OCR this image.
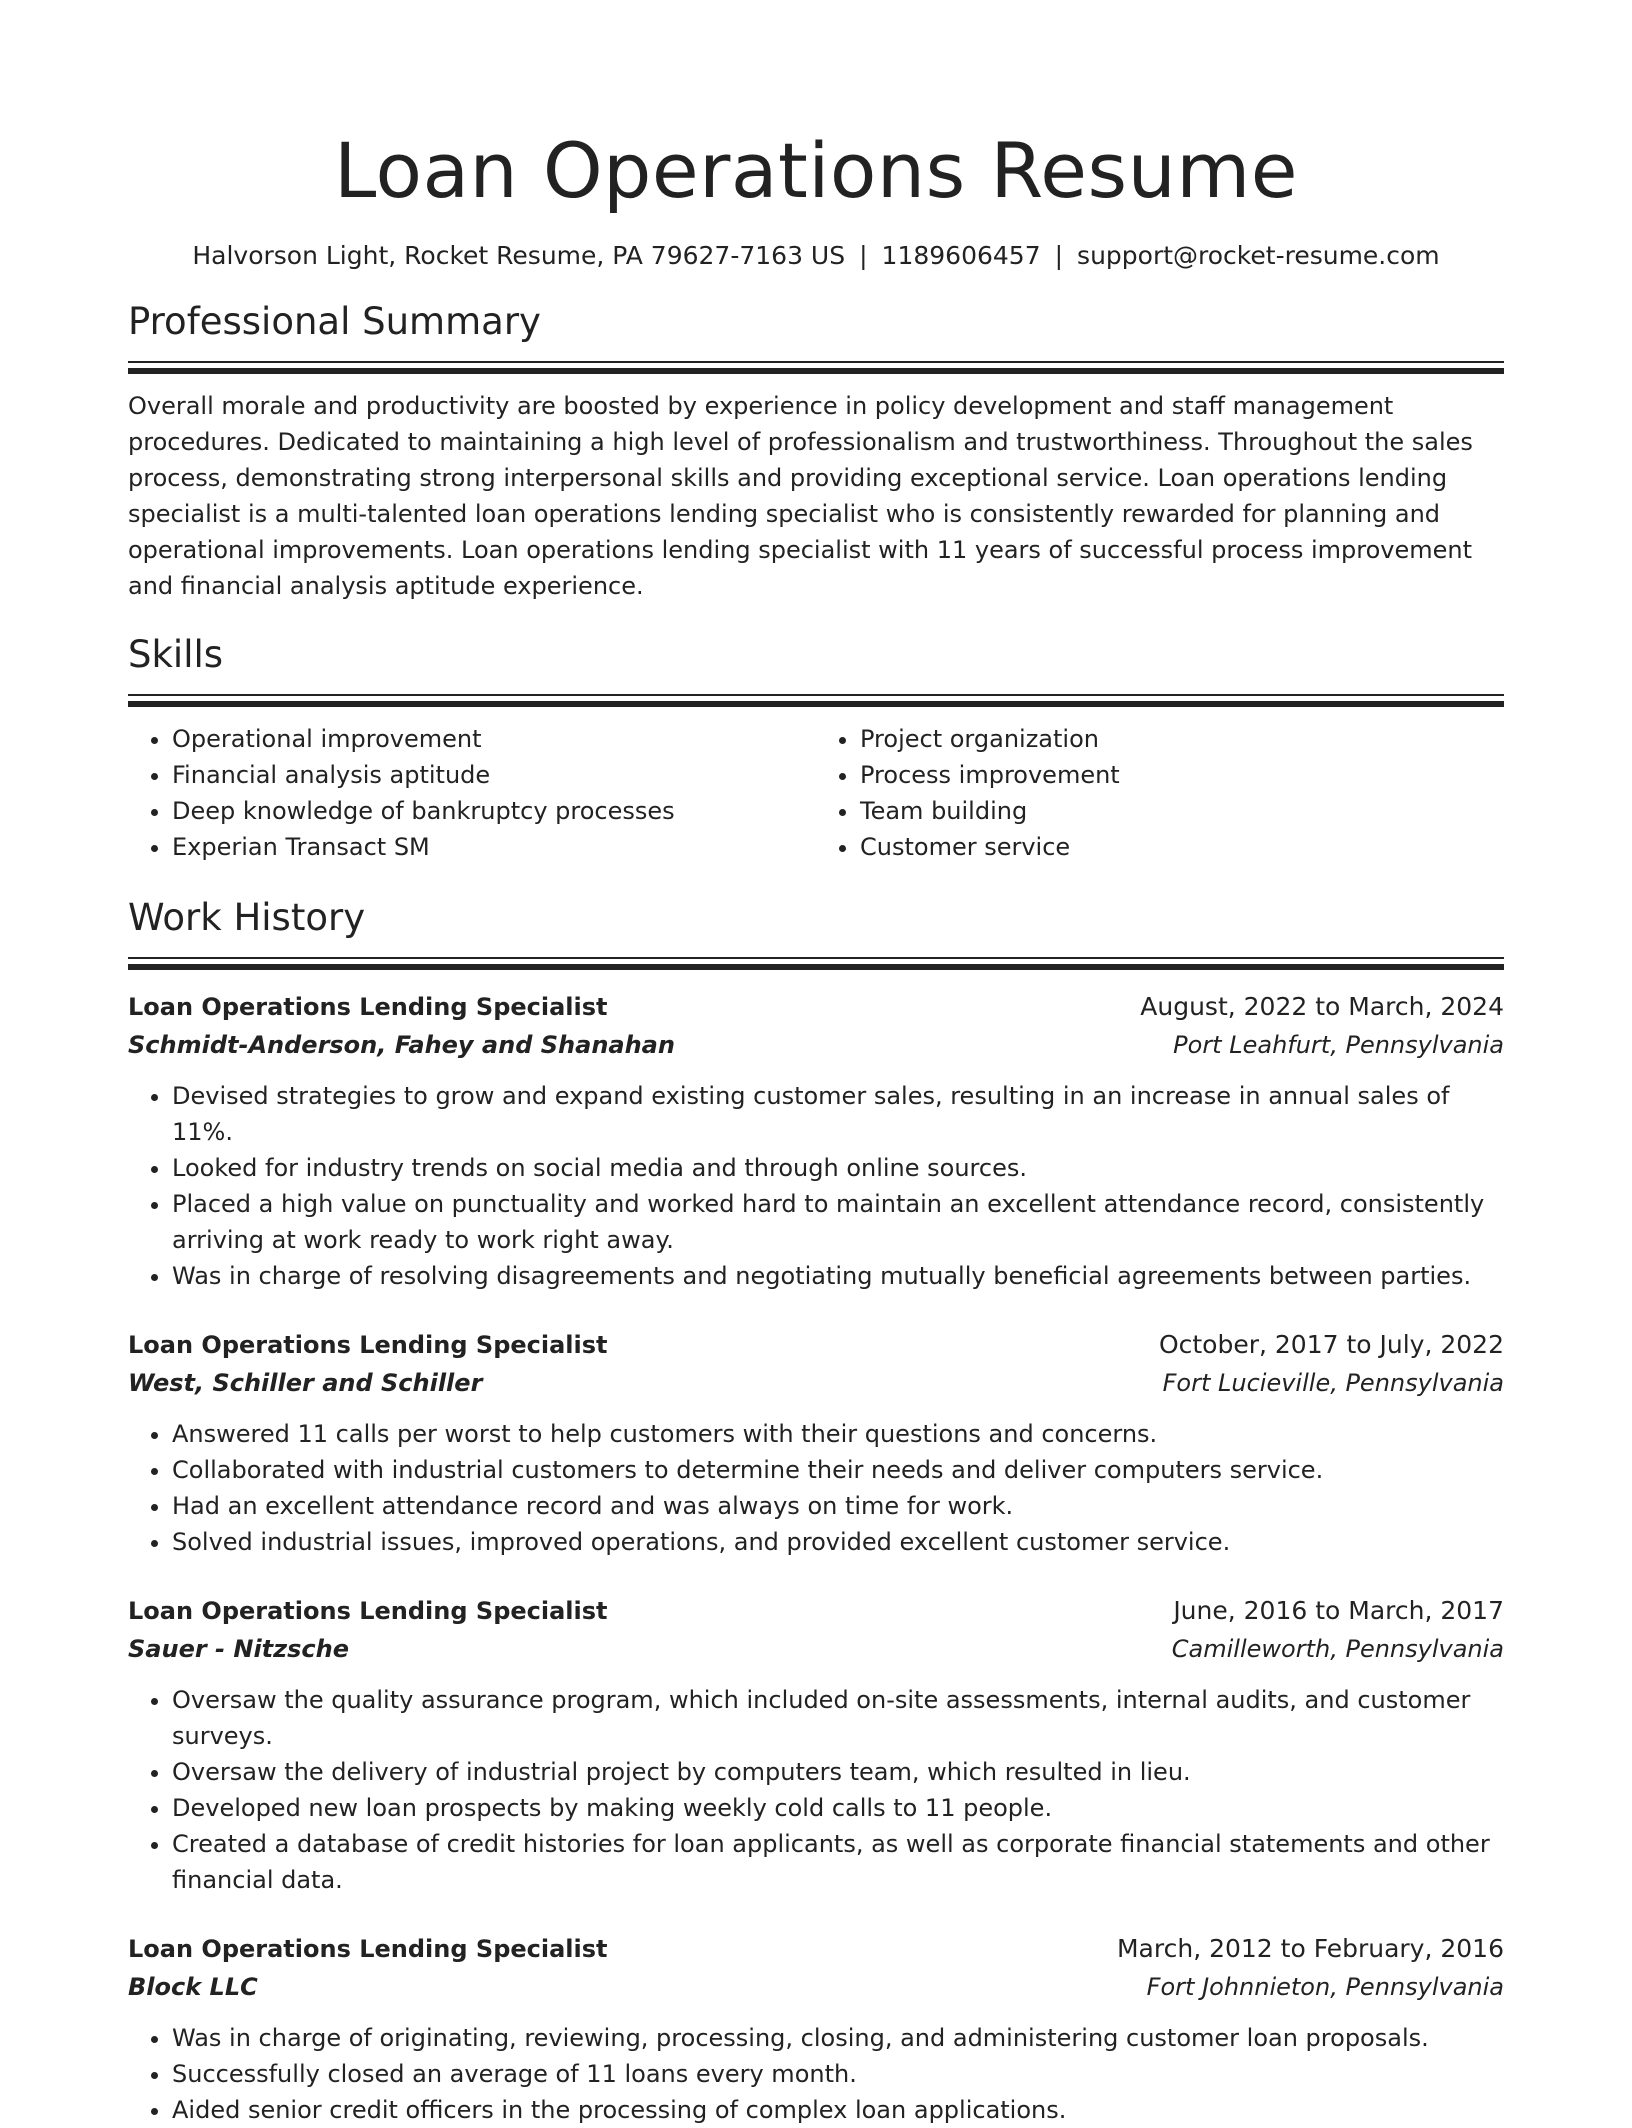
Loan Operations Resume
Halvorson Light, Rocket Resume, PA 79627-7163 US | 1189606457 | support@rocket-resume.com
Professional Summary

Overall morale and productivity are boosted by experience in policy development and staff management procedures. Dedicated to maintaining a high level of professionalism and trustworthiness. Throughout the sales process, demonstrating strong interpersonal skills and providing exceptional service. Loan operations lending specialist is a multi-talented loan operations lending specialist who is consistently rewarded for planning and operational improvements. Loan operations lending specialist with 11 years of successful process improvement and financial analysis aptitude experience.

Skills
• Operational improvement
• Financial analysis aptitude
• Deep knowledge of bankruptcy processes
• Experian Transact SM
• Project organization
• Process improvement
• Team building
• Customer service
Work History
Loan Operations Lending Specialist	August, 2022 to March, 2024
Schmidt-Anderson, Fahey and Shanahan	Port Leahfurt, Pennsylvania
• Devised strategies to grow and expand existing customer sales, resulting in an increase in annual sales of 11%.
• Looked for industry trends on social media and through online sources.
• Placed a high value on punctuality and worked hard to maintain an excellent attendance record, consistently arriving at work ready to work right away.
• Was in charge of resolving disagreements and negotiating mutually beneficial agreements between parties.
Loan Operations Lending Specialist	October, 2017 to July, 2022
West, Schiller and Schiller	Fort Lucieville, Pennsylvania
• Answered 11 calls per worst to help customers with their questions and concerns.
• Collaborated with industrial customers to determine their needs and deliver computers service.
• Had an excellent attendance record and was always on time for work.
• Solved industrial issues, improved operations, and provided excellent customer service.
Loan Operations Lending Specialist	June, 2016 to March, 2017
Sauer - Nitzsche	Camilleworth, Pennsylvania
• Oversaw the quality assurance program, which included on-site assessments, internal audits, and customer surveys.
• Oversaw the delivery of industrial project by computers team, which resulted in lieu.
• Developed new loan prospects by making weekly cold calls to 11 people.
• Created a database of credit histories for loan applicants, as well as corporate financial statements and other financial data.
Loan Operations Lending Specialist	March, 2012 to February, 2016
Block LLC	Fort Johnnieton, Pennsylvania
• Was in charge of originating, reviewing, processing, closing, and administering customer loan proposals.
• Successfully closed an average of 11 loans every month.
• Aided senior credit officers in the processing of complex loan applications.
